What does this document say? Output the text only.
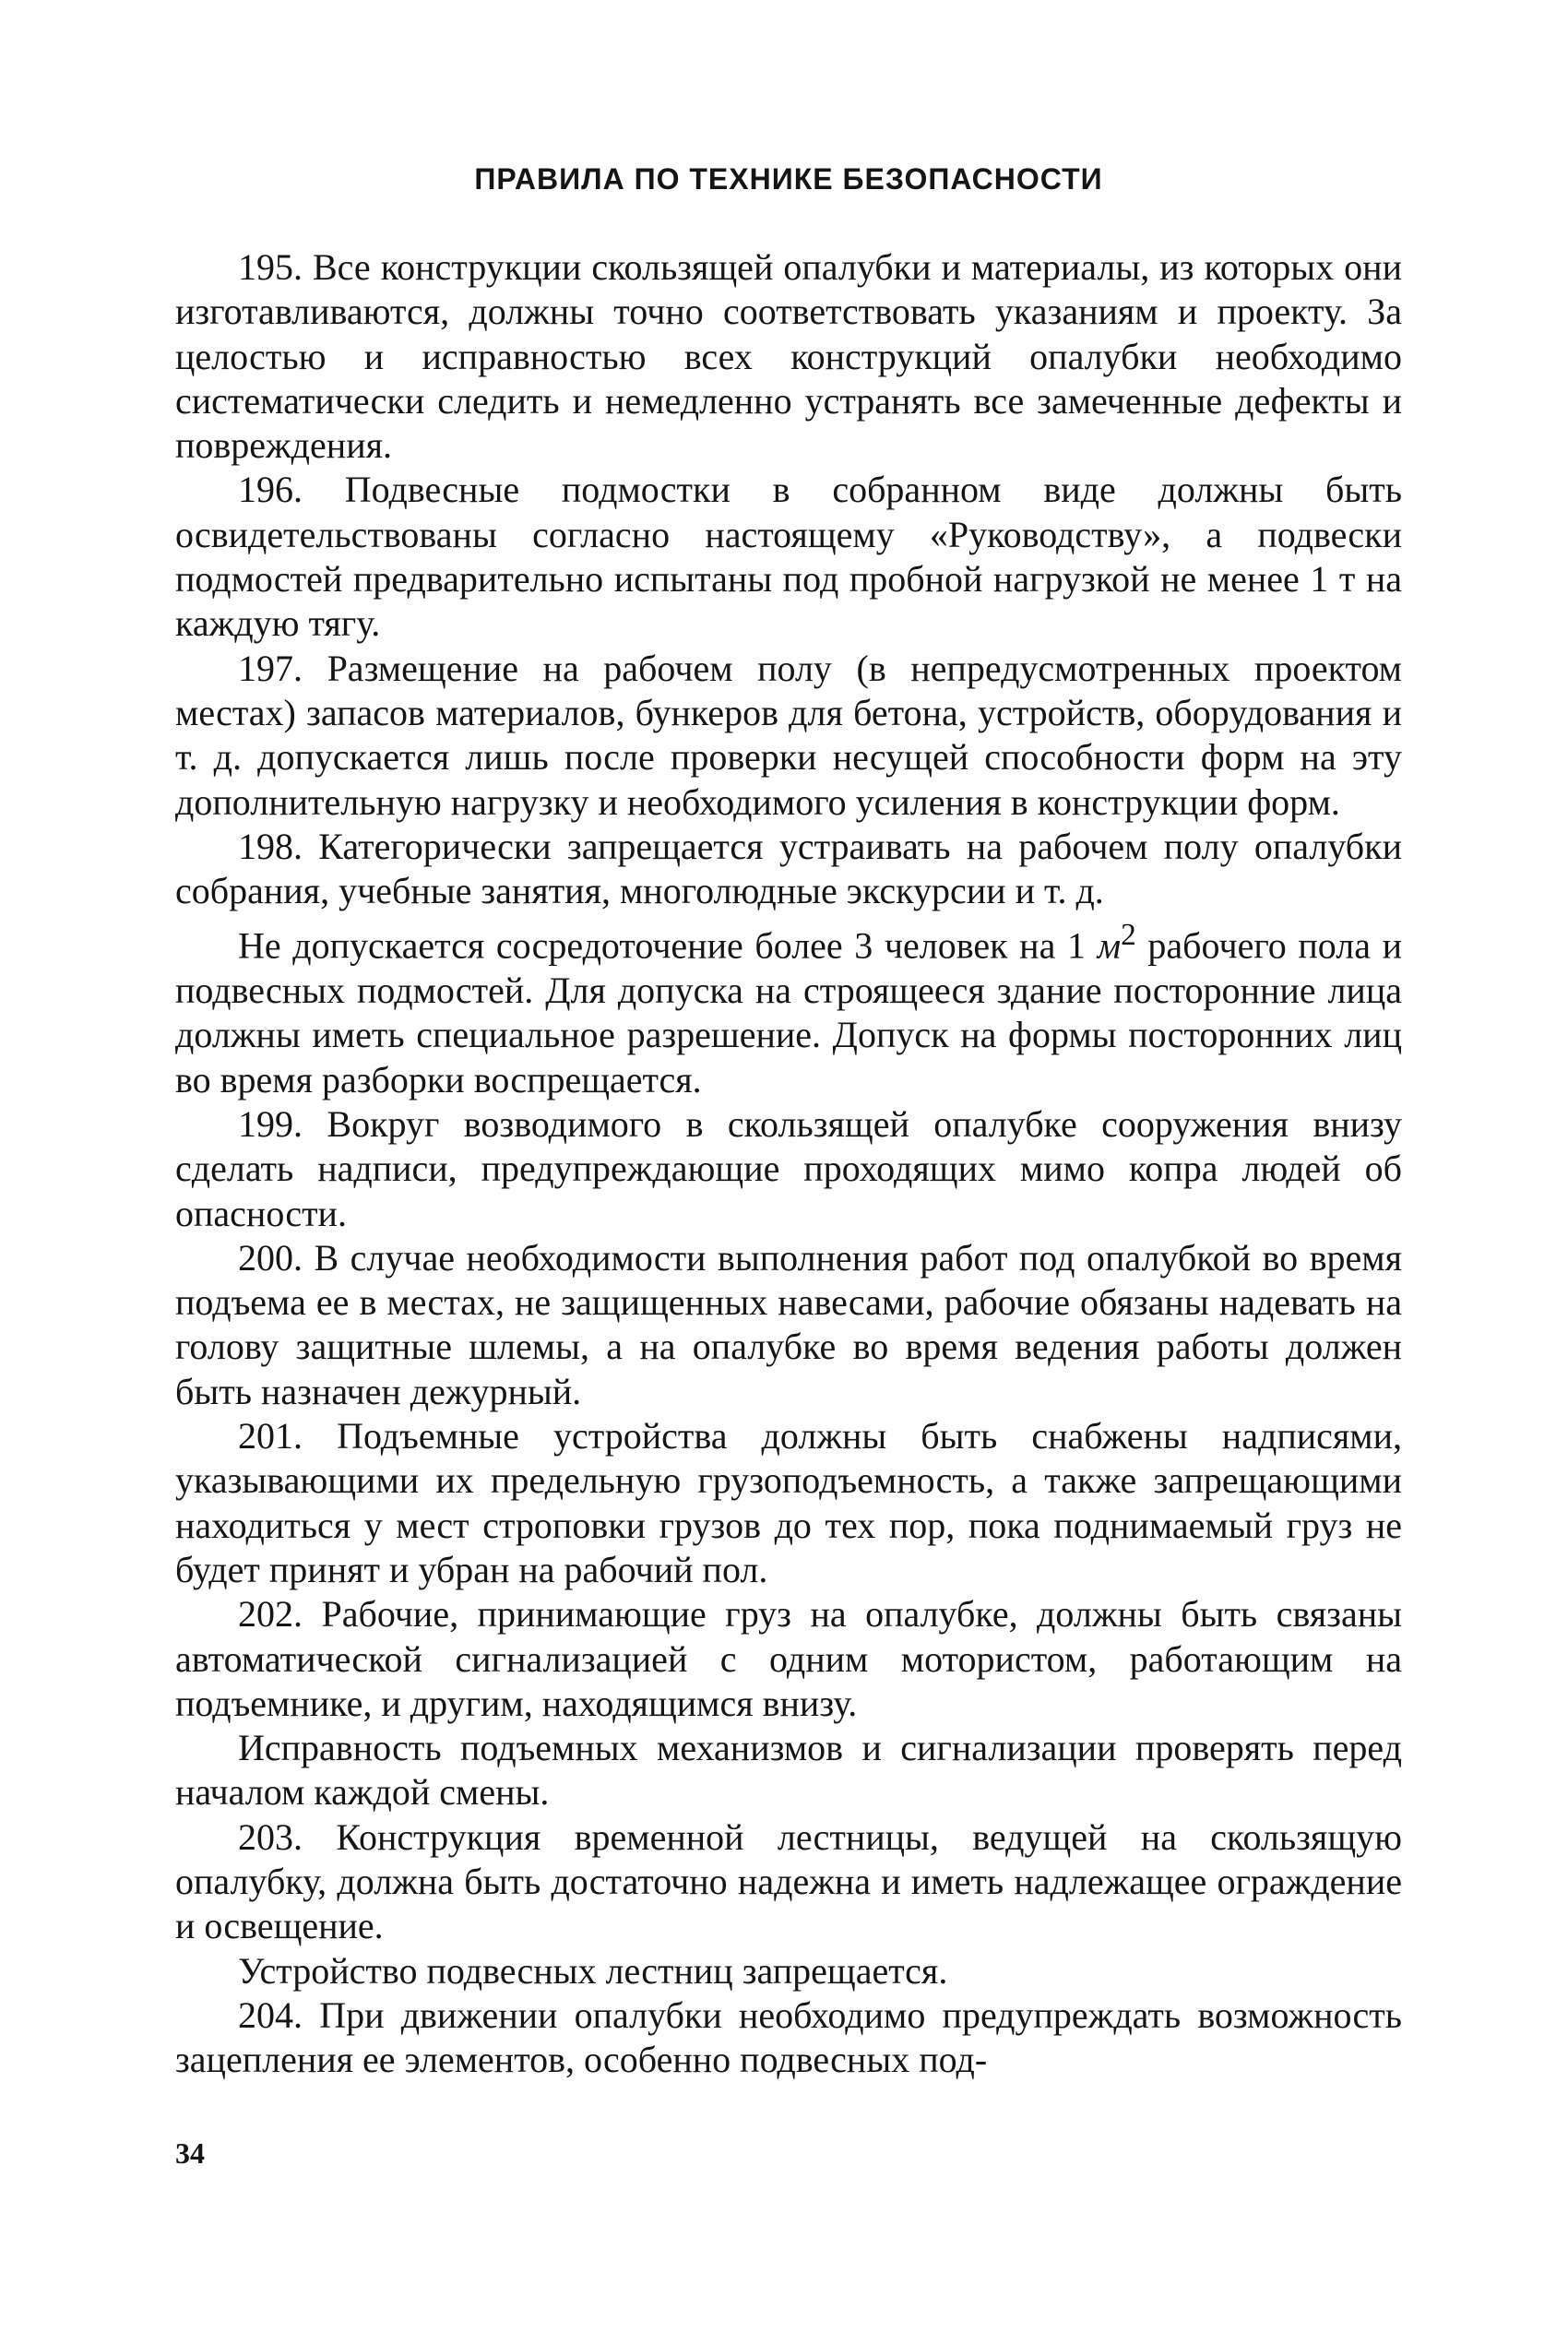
ПРАВИЛА ПО ТЕХНИКЕ БЕЗОПАСНОСТИ

195. Все конструкции скользящей опалубки и материалы, из которых они изготавливаются, должны точно соответствовать указаниям и проекту. За целостью и исправностью всех конструкций опалубки необходимо систематически следить и немедленно устранять все замеченные дефекты и повреждения.

196. Подвесные подмостки в собранном виде должны быть освидетельствованы согласно настоящему «Руководству», а подвески подмостей предварительно испытаны под пробной нагрузкой не менее 1 т на каждую тягу.

197. Размещение на рабочем полу (в непредусмотренных проектом местах) запасов материалов, бункеров для бетона, устройств, оборудования и т. д. допускается лишь после проверки несущей способности форм на эту дополнительную нагрузку и необходимого усиления в конструкции форм.

198. Категорически запрещается устраивать на рабочем полу опалубки собрания, учебные занятия, многолюдные экскурсии и т. д.

Не допускается сосредоточение более 3 человек на 1 $м^2$ рабочего пола и подвесных подмостей. Для допуска на строящееся здание посторонние лица должны иметь специальное разрешение. Допуск на формы посторонних лиц во время разборки воспрещается.

199. Вокруг возводимого в скользящей опалубке сооружения внизу сделать надписи, предупреждающие проходящих мимо копра людей об опасности.

200. В случае необходимости выполнения работ под опалубкой во время подъема ее в местах, не защищенных навесами, рабочие обязаны надевать на голову защитные шлемы, а на опалубке во время ведения работы должен быть назначен дежурный.

201. Подъемные устройства должны быть снабжены надписями, указывающими их предельную грузоподъемность, а также запрещающими находиться у мест строповки грузов до тех пор, пока поднимаемый груз не будет принят и убран на рабочий пол.

202. Рабочие, принимающие груз на опалубке, должны быть связаны автоматической сигнализацией с одним мотористом, работающим на подъемнике, и другим, находящимся внизу.

Исправность подъемных механизмов и сигнализации проверять перед началом каждой смены.

203. Конструкция временной лестницы, ведущей на скользящую опалубку, должна быть достаточно надежна и иметь надлежащее ограждение и освещение.

Устройство подвесных лестниц запрещается.

204. При движении опалубки необходимо предупреждать возможность зацепления ее элементов, особенно подвесных под-

34
